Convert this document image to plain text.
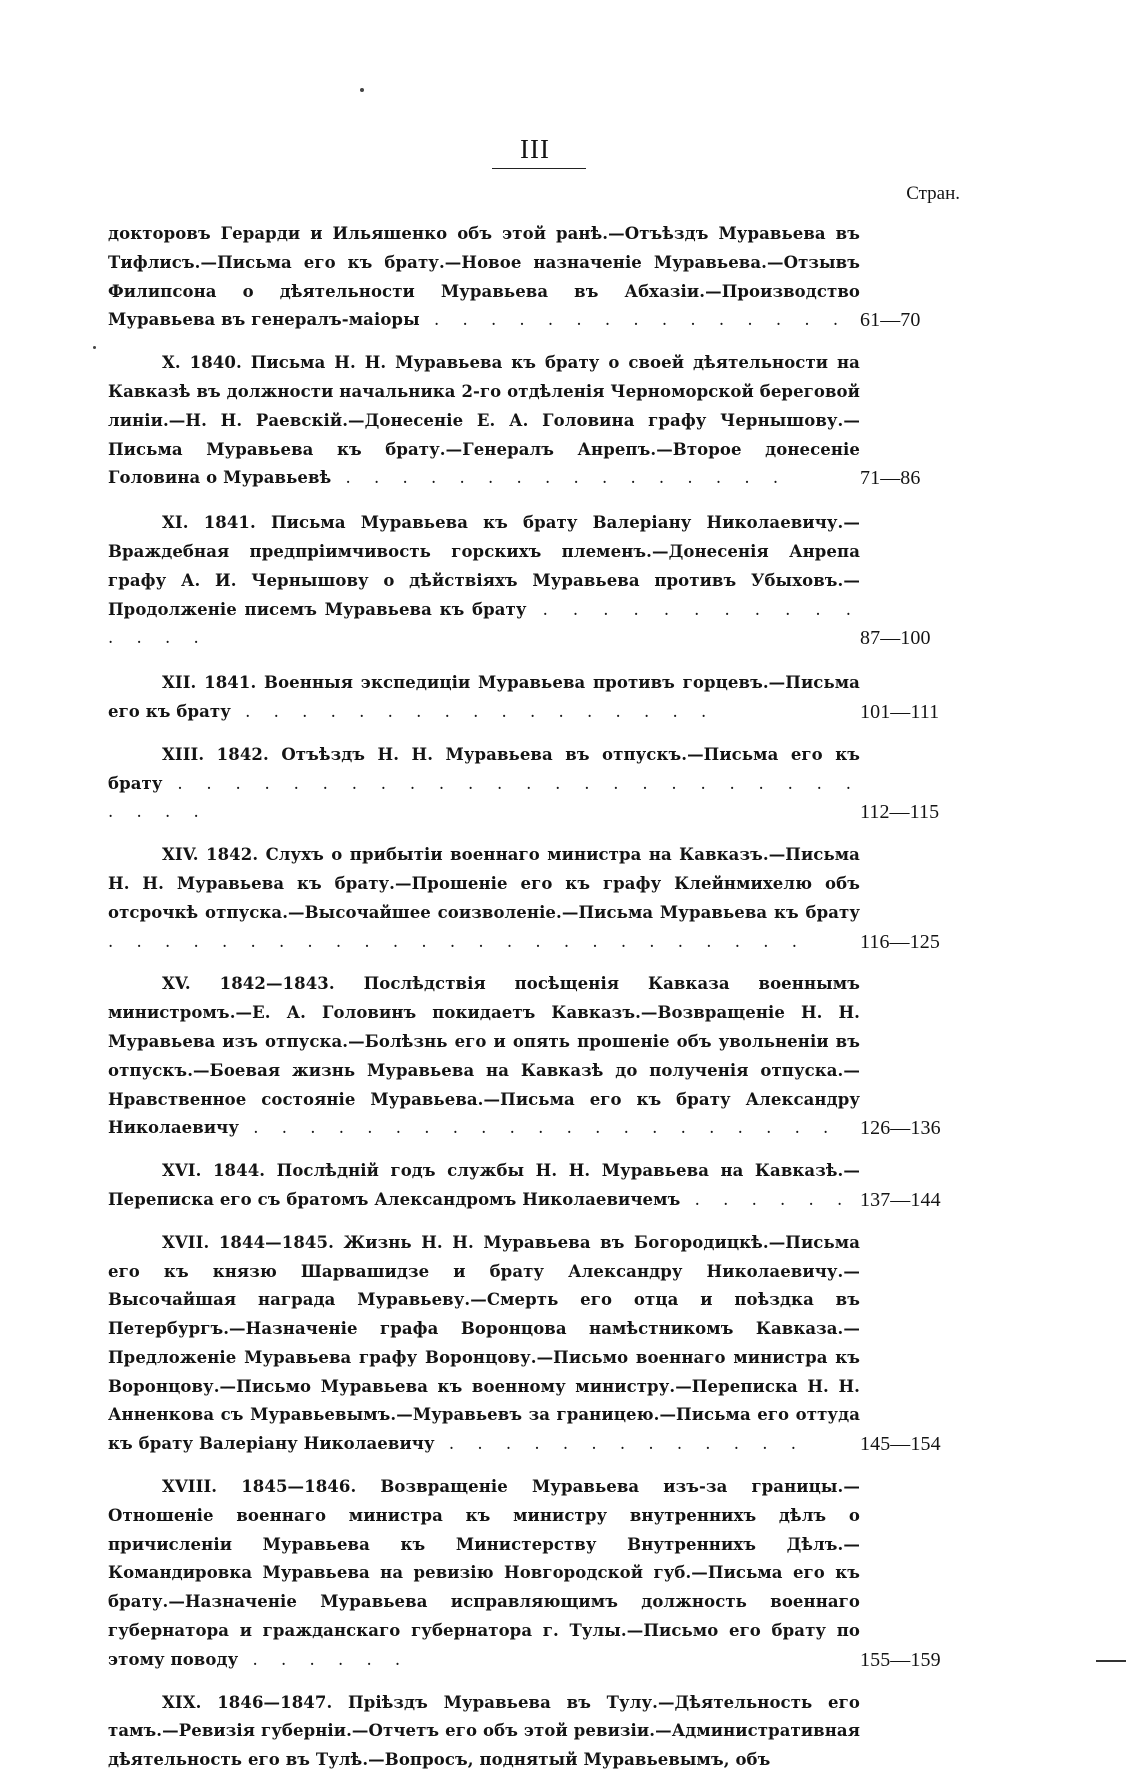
III
Стран.
докторовъ Герарди и Ильяшенко объ этой ранѣ.—Отъѣздъ Муравьева въ Тифлисъ.—Письма его къ брату.—Новое назначеніе Муравьева.—Отзывъ Филипсона о дѣятельности Муравьева въ Абхазіи.—Производство Муравьева въ генералъ-маіоры . . . . . . . . . . . . . . . 61—70
X. 1840. Письма Н. Н. Муравьева къ брату о своей дѣятельности на Кавказѣ въ должности начальника 2-го отдѣленія Черноморской береговой линіи.—Н. Н. Раевскій.—Донесеніе Е. А. Головина графу Чернышову.—Письма Муравьева къ брату.—Генералъ Анрепъ.—Второе донесеніе Головина о Муравьевѣ . . . . . . . . . . . . . . . .	71—86
XI. 1841. Письма Муравьева къ брату Валеріану Николаевичу.—Враждебная предпріимчивость горскихъ племенъ.—Донесенія Анрепа графу А. И. Чернышову о дѣйствіяхъ Муравьева противъ Убыховъ.—Продолженіе писемъ Муравьева къ брату . . . . . . . . . . . . . . .	87—100
XII. 1841. Военныя экспедиціи Муравьева противъ горцевъ.—Письма его къ брату . . . . . . . . . . . . . . . . .	101—111
XIII. 1842. Отъѣздъ Н. Н. Муравьева въ отпускъ.—Письма его къ брату . . . . . . . . . . . . . . . . . . . . . . . . . . . .	112—115
XIV. 1842. Слухъ о прибытіи военнаго министра на Кавказъ.—Письма Н. Н. Муравьева къ брату.—Прошеніе его къ графу Клейнмихелю объ отсрочкѣ отпуска.—Высочайшее соизволеніе.—Письма Муравьева къ брату . . . . . . . . . . . . . . . . . . . . . . . . .	116—125
XV. 1842—1843. Послѣдствія посѣщенія Кавказа военнымъ министромъ.—Е. А. Головинъ покидаетъ Кавказъ.—Возвращеніе Н. Н. Муравьева изъ отпуска.—Болѣзнь его и опять прошеніе объ увольненіи въ отпускъ.—Боевая жизнь Муравьева на Кавказѣ до полученія отпуска.—Нравственное состояніе Муравьева.—Письма его къ брату Александру Николаевичу . . . . . . . . . . . . . . . . . . . . .	126—136
XVI. 1844. Послѣдній годъ службы Н. Н. Муравьева на Кавказѣ.—Переписка его съ братомъ Александромъ Николаевичемъ . . . . . . 137—144
XVII. 1844—1845. Жизнь Н. Н. Муравьева въ Богородицкѣ.—Письма его къ князю Шарвашидзе и брату Александру Николаевичу.—Высочайшая награда Муравьеву.—Смерть его отца и поѣздка въ Петербургъ.—Назначеніе графа Воронцова намѣстникомъ Кавказа.—Предложеніе Муравьева графу Воронцову.—Письмо военнаго министра къ Воронцову.—Письмо Муравьева къ военному министру.—Переписка Н. Н. Анненкова съ Муравьевымъ.—Муравьевъ за границею.—Письма его оттуда къ брату Валеріану Николаевичу . . . . . . . . . . . . .	145—154
XVIII. 1845—1846. Возвращеніе Муравьева изъ-за границы.—Отношеніе военнаго министра къ министру внутреннихъ дѣлъ о причисленіи Муравьева къ Министерству Внутреннихъ Дѣлъ.—Командировка Муравьева на ревизію Новгородской губ.—Письма его къ брату.—Назначеніе Муравьева исправляющимъ должность военнаго губернатора и гражданскаго губернатора г. Тулы.—Письмо его брату по этому поводу . . . . . .	155—159
XIX. 1846—1847. Пріѣздъ Муравьева въ Тулу.—Дѣятельность его тамъ.—Ревизія губерніи.—Отчетъ его объ этой ревизіи.—Административная дѣятельность его въ Тулѣ.—Вопросъ, поднятый Муравьевымъ, объ
